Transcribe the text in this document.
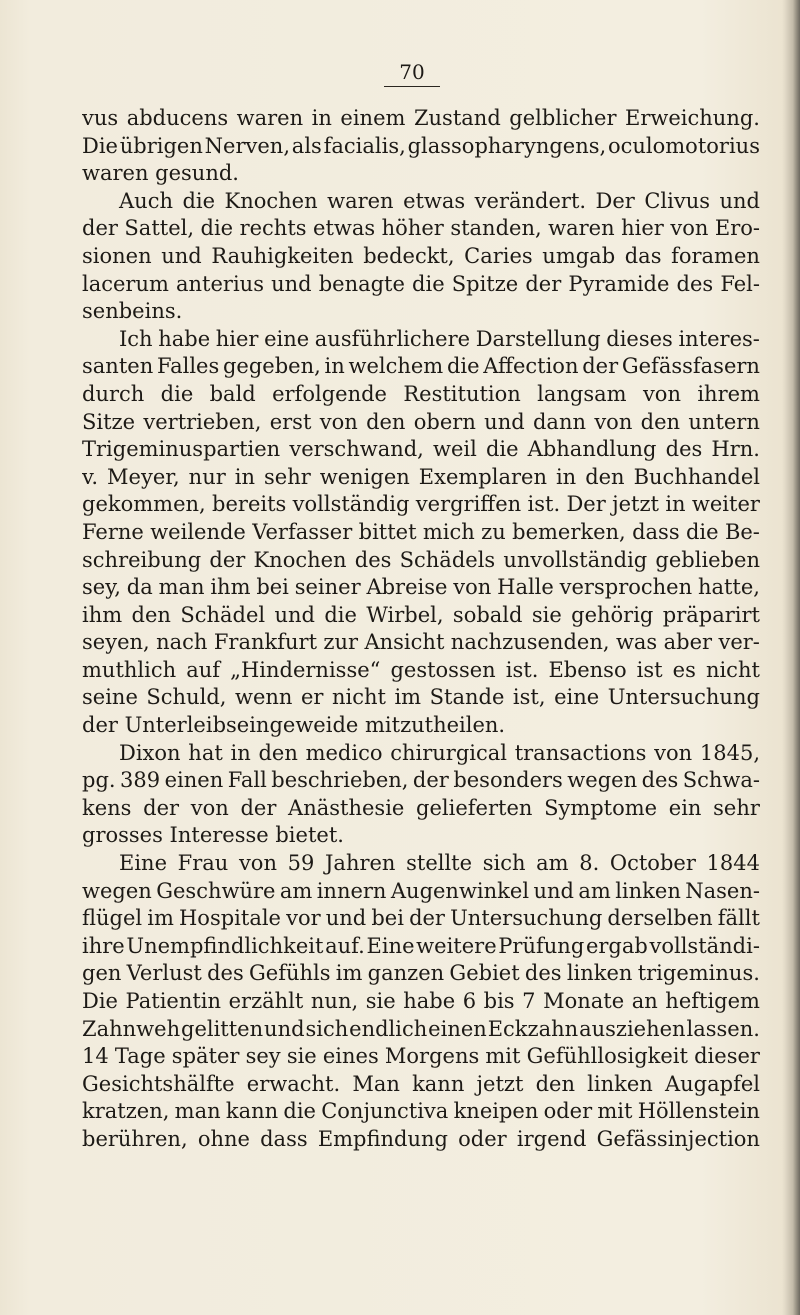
70
vus abducens waren in einem Zustand gelblicher Erweichung.
Die übrigen Nerven, als facialis, glassopharyngens, oculomotorius
waren gesund.
Auch die Knochen waren etwas verändert. Der Clivus und
der Sattel, die rechts etwas höher standen, waren hier von Ero-
sionen und Rauhigkeiten bedeckt, Caries umgab das foramen
lacerum anterius und benagte die Spitze der Pyramide des Fel-
senbeins.
Ich habe hier eine ausführlichere Darstellung dieses interes-
santen Falles gegeben, in welchem die Affection der Gefässfasern
durch die bald erfolgende Restitution langsam von ihrem
Sitze vertrieben, erst von den obern und dann von den untern
Trigeminuspartien verschwand, weil die Abhandlung des Hrn.
v. Meyer, nur in sehr wenigen Exemplaren in den Buchhandel
gekommen, bereits vollständig vergriffen ist. Der jetzt in weiter
Ferne weilende Verfasser bittet mich zu bemerken, dass die Be-
schreibung der Knochen des Schädels unvollständig geblieben
sey, da man ihm bei seiner Abreise von Halle versprochen hatte,
ihm den Schädel und die Wirbel, sobald sie gehörig präparirt
seyen, nach Frankfurt zur Ansicht nachzusenden, was aber ver-
muthlich auf „Hindernisse“ gestossen ist. Ebenso ist es nicht
seine Schuld, wenn er nicht im Stande ist, eine Untersuchung
der Unterleibseingeweide mitzutheilen.
Dixon hat in den medico chirurgical transactions von 1845,
pg. 389 einen Fall beschrieben, der besonders wegen des Schwa-
kens der von der Anästhesie gelieferten Symptome ein sehr
grosses Interesse bietet.
Eine Frau von 59 Jahren stellte sich am 8. October 1844
wegen Geschwüre am innern Augenwinkel und am linken Nasen-
flügel im Hospitale vor und bei der Untersuchung derselben fällt
ihre Unempfindlichkeit auf. Eine weitere Prüfung ergab vollständi-
gen Verlust des Gefühls im ganzen Gebiet des linken trigeminus.
Die Patientin erzählt nun, sie habe 6 bis 7 Monate an heftigem
Zahnweh gelitten und sich endlich einen Eckzahn ausziehen lassen.
14 Tage später sey sie eines Morgens mit Gefühllosigkeit dieser
Gesichtshälfte erwacht. Man kann jetzt den linken Augapfel
kratzen, man kann die Conjunctiva kneipen oder mit Höllenstein
berühren, ohne dass Empfindung oder irgend Gefässinjection
